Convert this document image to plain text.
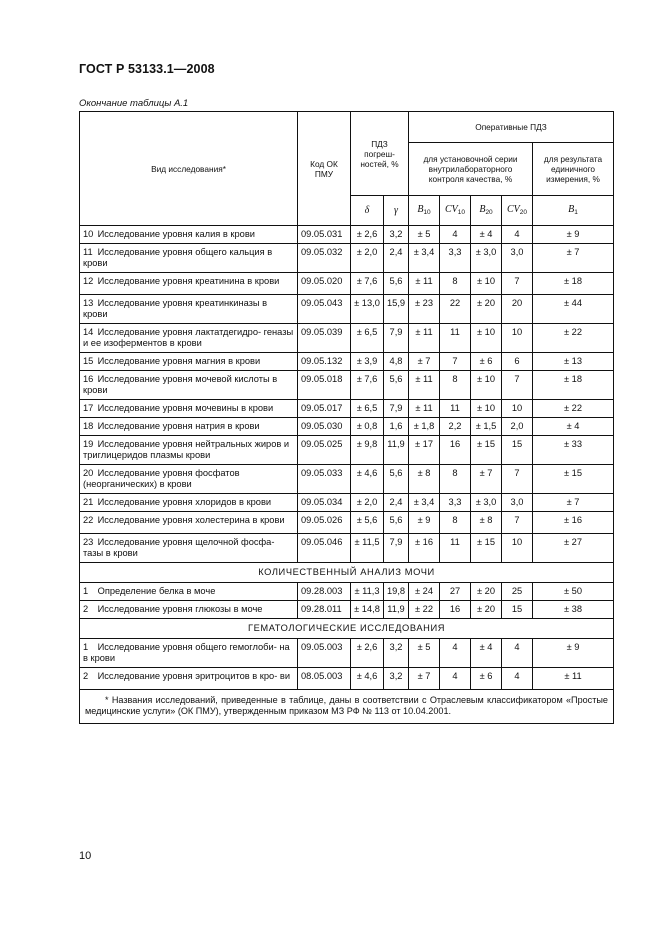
ГОСТ Р 53133.1—2008
Окончание таблицы А.1
Вид исследования*	Код ОК ПМУ	ПДЗ погреш- ностей, %		Оперативные ПДЗ				
				для установочной серии внутрилабораторного контроля качества, %				для результата единичного измерения, %
		δ	γ	$B_{10}$	$CV_{10}$	$B_{20}$	$CV_{20}$	$B_1$
10 Исследование уровня калия в крови	09.05.031	± 2,6	3,2	± 5	4	± 4	4	± 9
11 Исследование уровня общего кальция в крови	09.05.032	± 2,0	2,4	± 3,4	3,3	± 3,0	3,0	± 7
12 Исследование уровня креатинина в крови	09.05.020	± 7,6	5,6	± 11	8	± 10	7	± 18
13 Исследование уровня креатинкиназы в крови	09.05.043	± 13,0	15,9	± 23	22	± 20	20	± 44
14 Исследование уровня лактатдегидро- геназы и ее изоферментов в крови	09.05.039	± 6,5	7,9	± 11	11	± 10	10	± 22
15 Исследование уровня магния в крови	09.05.132	± 3,9	4,8	± 7	7	± 6	6	± 13
16 Исследование уровня мочевой кислоты в крови	09.05.018	± 7,6	5,6	± 11	8	± 10	7	± 18
17 Исследование уровня мочевины в крови	09.05.017	± 6,5	7,9	± 11	11	± 10	10	± 22
18 Исследование уровня натрия в крови	09.05.030	± 0,8	1,6	± 1,8	2,2	± 1,5	2,0	± 4
19 Исследование уровня нейтральных жиров и триглицеридов плазмы крови	09.05.025	± 9,8	11,9	± 17	16	± 15	15	± 33
20 Исследование уровня фосфатов (неорганических) в крови	09.05.033	± 4,6	5,6	± 8	8	± 7	7	± 15
21 Исследование уровня хлоридов в крови	09.05.034	± 2,0	2,4	± 3,4	3,3	± 3,0	3,0	± 7
22 Исследование уровня холестерина в крови	09.05.026	± 5,6	5,6	± 9	8	± 8	7	± 16
23 Исследование уровня щелочной фосфа- тазы в крови	09.05.046	± 11,5	7,9	± 16	11	± 15	10	± 27
КОЛИЧЕСТВЕННЫЙ АНАЛИЗ МОЧИ								
1 Определение белка в моче	09.28.003	± 11,3	19,8	± 24	27	± 20	25	± 50
2 Исследование уровня глюкозы в моче	09.28.011	± 14,8	11,9	± 22	16	± 20	15	± 38
ГЕМАТОЛОГИЧЕСКИЕ ИССЛЕДОВАНИЯ								
1 Исследование уровня общего гемоглоби- на в крови	09.05.003	± 2,6	3,2	± 5	4	± 4	4	± 9
2 Исследование уровня эритроцитов в кро- ви	08.05.003	± 4,6	3,2	± 7	4	± 6	4	± 11
* Названия исследований, приведенные в таблице, даны в соответствии с Отраслевым классификатором «Простые медицинские услуги» (ОК ПМУ), утвержденным приказом МЗ РФ № 113 от 10.04.2001.								
10
